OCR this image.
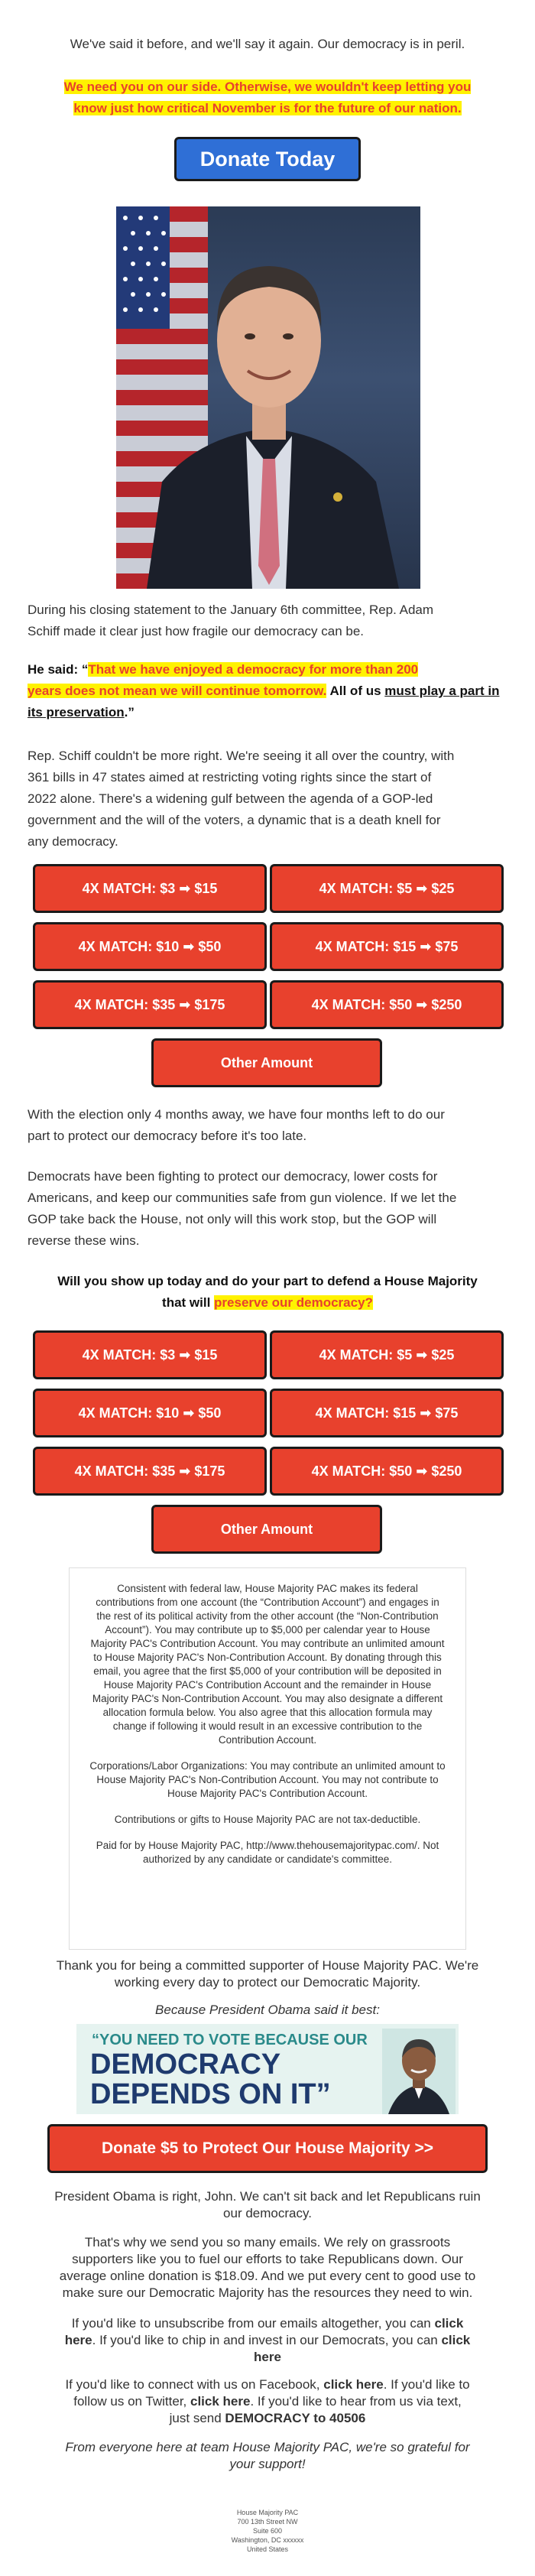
We've said it before, and we'll say it again. Our democracy is in peril.
We need you on our side. Otherwise, we wouldn't keep letting you
know just how critical November is for the future of our nation.
Donate Today
During his closing statement to the January 6th committee, Rep. Adam
Schiff made it clear just how fragile our democracy can be.
He said: “That we have enjoyed a democracy for more than 200
years does not mean we will continue tomorrow. All of us must play a part in
its preservation.”
Rep. Schiff couldn't be more right. We're seeing it all over the country, with
361 bills in 47 states aimed at restricting voting rights since the start of
2022 alone. There's a widening gulf between the agenda of a GOP-led
government and the will of the voters, a dynamic that is a death knell for
any democracy.
4X MATCH: $3 ➡ $15	4X MATCH: $5 ➡ $25
4X MATCH: $10 ➡ $50	4X MATCH: $15 ➡ $75
4X MATCH: $35 ➡ $175	4X MATCH: $50 ➡ $250
Other Amount
With the election only 4 months away, we have four months left to do our
part to protect our democracy before it's too late.
Democrats have been fighting to protect our democracy, lower costs for
Americans, and keep our communities safe from gun violence. If we let the
GOP take back the House, not only will this work stop, but the GOP will
reverse these wins.
Will you show up today and do your part to defend a House Majority
that will preserve our democracy?
4X MATCH: $3 ➡ $15	4X MATCH: $5 ➡ $25
4X MATCH: $10 ➡ $50	4X MATCH: $15 ➡ $75
4X MATCH: $35 ➡ $175	4X MATCH: $50 ➡ $250
Other Amount

Consistent with federal law, House Majority PAC makes its federal contributions from one account (the “Contribution Account”) and engages in the rest of its political activity from the other account (the “Non-Contribution Account”). You may contribute up to $5,000 per calendar year to House Majority PAC's Contribution Account. You may contribute an unlimited amount to House Majority PAC's Non-Contribution Account. By donating through this email, you agree that the first $5,000 of your contribution will be deposited in House Majority PAC's Contribution Account and the remainder in House Majority PAC's Non-Contribution Account. You may also designate a different allocation formula below. You also agree that this allocation formula may change if following it would result in an excessive contribution to the Contribution Account.

Corporations/Labor Organizations: You may contribute an unlimited amount to House Majority PAC's Non-Contribution Account. You may not contribute to House Majority PAC's Contribution Account.

Contributions or gifts to House Majority PAC are not tax-deductible.

Paid for by House Majority PAC, http://www.thehousemajoritypac.com/. Not authorized by any candidate or candidate's committee.

Thank you for being a committed supporter of House Majority PAC. We're
working every day to protect our Democratic Majority.
Because President Obama said it best:
“YOU NEED TO VOTE BECAUSE OUR
DEMOCRACY
DEPENDS ON IT”
Donate $5 to Protect Our House Majority >>
President Obama is right, John. We can't sit back and let Republicans ruin
our democracy.
That's why we send you so many emails. We rely on grassroots
supporters like you to fuel our efforts to take Republicans down. Our
average online donation is $18.09. And we put every cent to good use to
make sure our Democratic Majority has the resources they need to win.
If you'd like to unsubscribe from our emails altogether, you can click
here. If you'd like to chip in and invest in our Democrats, you can click
here
If you'd like to connect with us on Facebook, click here. If you'd like to
follow us on Twitter, click here. If you'd like to hear from us via text,
just send DEMOCRACY to 40506
From everyone here at team House Majority PAC, we're so grateful for
your support!
House Majority PAC
700 13th Street NW
Suite 600
Washington, DC xxxxxx
United States
